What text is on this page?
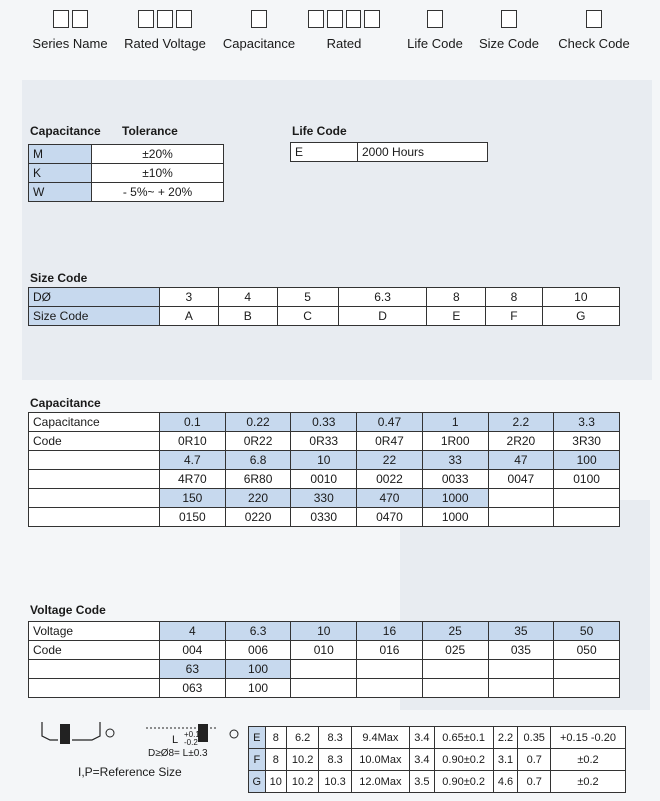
Series Name Rated Voltage Capacitance	Rated	Life Code Size Code Check Code
Capacitance Tolerance
M	±20%
K	±10%
W	- 5%~ + 20%
Life Code
E	2000 Hours
Size Code
DØ	3	4	5	6.3	8	8	10
Size Code	A	B	C	D	E	F	G
Capacitance
Capacitance	0.1	0.22	0.33	0.47	1	2.2	3.3
Code	0R10	0R22	0R33	0R47	1R00	2R20	3R30
	4.7	6.8	10	22	33	47	100
	4R70	6R80	0010	0022	0033	0047	0100
	150	220	330	470	1000		
	0150	0220	0330	0470	1000		
Voltage Code
Voltage	4	6.3	10	16	25	35	50
Code	004	006	010	016	025	035	050
	63	100					
	063	100					
L +0.1 -0.2
D≥Ø8= L±0.3
I,P=Reference Size
E	8	6.2	8.3	9.4Max	3.4	0.65±0.1	2.2	0.35	+0.15 -0.20
F	8	10.2	8.3	10.0Max	3.4	0.90±0.2	3.1	0.7	±0.2
G	10	10.2	10.3	12.0Max	3.5	0.90±0.2	4.6	0.7	±0.2
